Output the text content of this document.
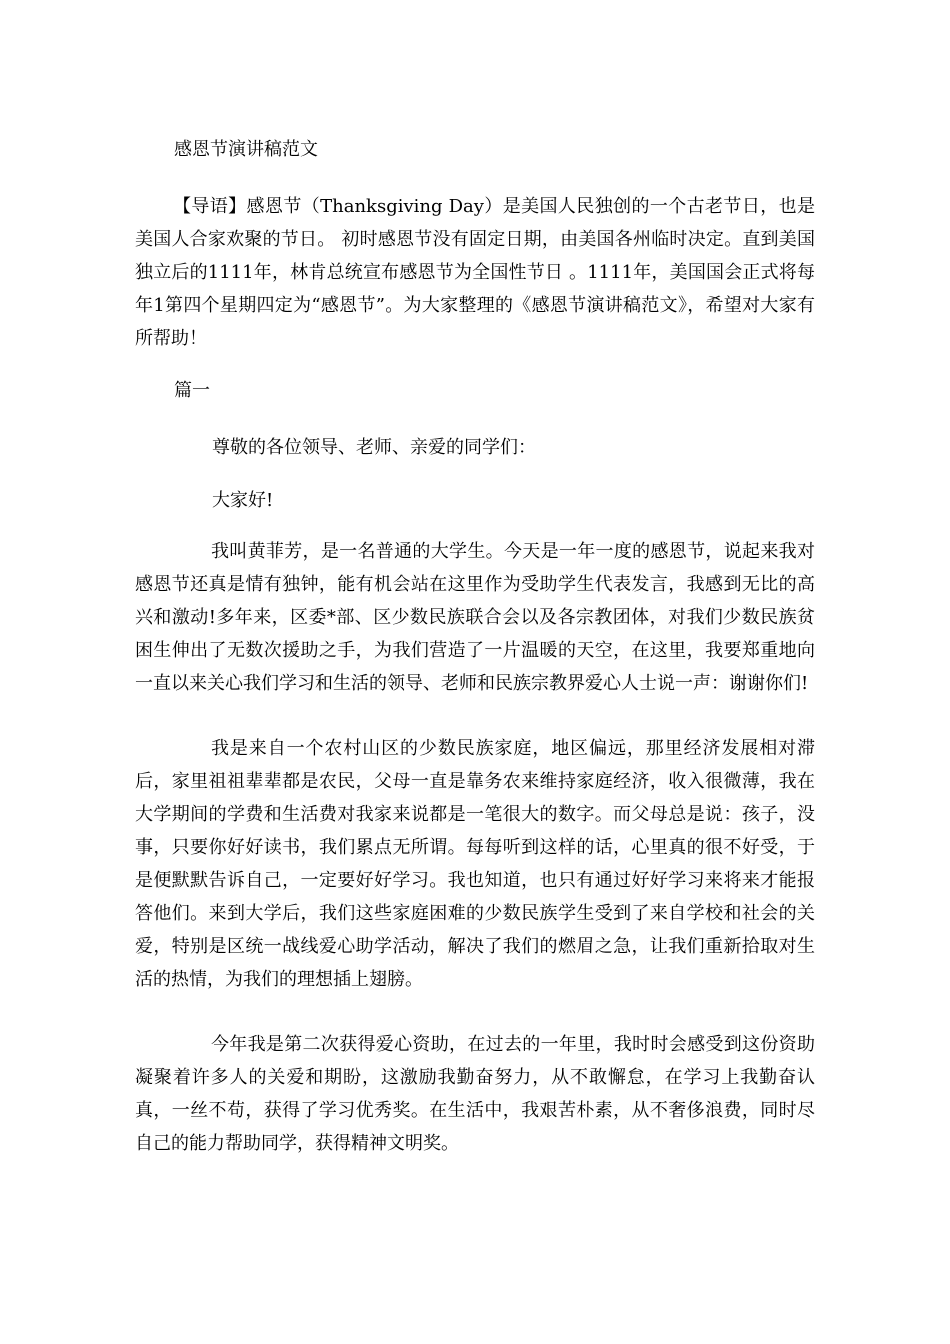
感恩节演讲稿范文
【导语】感恩节（Thanksgiving Day）是美国人民独创的一个古老节日，也是美国人合家欢聚的节日。 初时感恩节没有固定日期，由美国各州临时决定。直到美国独立后的1111年，林肯总统宣布感恩节为全国性节日 。1111年，美国国会正式将每年1第四个星期四定为“感恩节”。为大家整理的《感恩节演讲稿范文》，希望对大家有所帮助！
篇一
尊敬的各位领导、老师、亲爱的同学们：
大家好!
我叫黄菲芳，是一名普通的大学生。今天是一年一度的感恩节，说起来我对感恩节还真是情有独钟，能有机会站在这里作为受助学生代表发言，我感到无比的高兴和激动!多年来，区委*部、区少数民族联合会以及各宗教团体，对我们少数民族贫困生伸出了无数次援助之手，为我们营造了一片温暖的天空，在这里，我要郑重地向一直以来关心我们学习和生活的领导、老师和民族宗教界爱心人士说一声：谢谢你们!
我是来自一个农村山区的少数民族家庭，地区偏远，那里经济发展相对滞后，家里祖祖辈辈都是农民，父母一直是靠务农来维持家庭经济，收入很微薄，我在大学期间的学费和生活费对我家来说都是一笔很大的数字。而父母总是说：孩子，没事，只要你好好读书，我们累点无所谓。每每听到这样的话，心里真的很不好受，于是便默默告诉自己，一定要好好学习。我也知道，也只有通过好好学习来将来才能报答他们。来到大学后，我们这些家庭困难的少数民族学生受到了来自学校和社会的关爱，特别是区统一战线爱心助学活动，解决了我们的燃眉之急，让我们重新拾取对生活的热情，为我们的理想插上翅膀。
今年我是第二次获得爱心资助，在过去的一年里，我时时会感受到这份资助凝聚着许多人的关爱和期盼，这激励我勤奋努力，从不敢懈怠，在学习上我勤奋认真，一丝不苟，获得了学习优秀奖。在生活中，我艰苦朴素，从不奢侈浪费，同时尽自己的能力帮助同学，获得精神文明奖。
